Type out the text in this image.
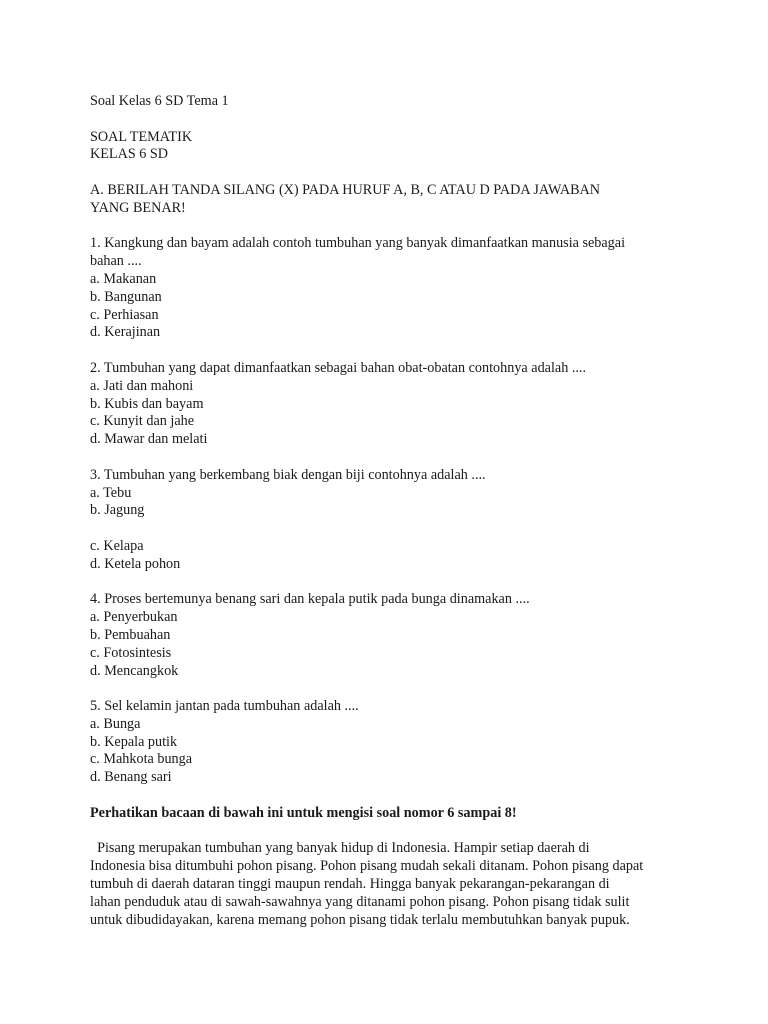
Soal Kelas 6 SD Tema 1
SOAL TEMATIK
KELAS 6 SD
A. BERILAH TANDA SILANG (X) PADA HURUF A, B, C ATAU D PADA JAWABAN
YANG BENAR!
1. Kangkung dan bayam adalah contoh tumbuhan yang banyak dimanfaatkan manusia sebagai
bahan ....
a. Makanan
b. Bangunan
c. Perhiasan
d. Kerajinan
2. Tumbuhan yang dapat dimanfaatkan sebagai bahan obat-obatan contohnya adalah ....
a. Jati dan mahoni
b. Kubis dan bayam
c. Kunyit dan jahe
d. Mawar dan melati
3. Tumbuhan yang berkembang biak dengan biji contohnya adalah ....
a. Tebu
b. Jagung
c. Kelapa
d. Ketela pohon
4. Proses bertemunya benang sari dan kepala putik pada bunga dinamakan ....
a. Penyerbukan
b. Pembuahan
c. Fotosintesis
d. Mencangkok
5. Sel kelamin jantan pada tumbuhan adalah ....
a. Bunga
b. Kepala putik
c. Mahkota bunga
d. Benang sari
Perhatikan bacaan di bawah ini untuk mengisi soal nomor 6 sampai 8!
Pisang merupakan tumbuhan yang banyak hidup di Indonesia. Hampir setiap daerah di
Indonesia bisa ditumbuhi pohon pisang. Pohon pisang mudah sekali ditanam. Pohon pisang dapat
tumbuh di daerah dataran tinggi maupun rendah. Hingga banyak pekarangan-pekarangan di
lahan penduduk atau di sawah-sawahnya yang ditanami pohon pisang. Pohon pisang tidak sulit
untuk dibudidayakan, karena memang pohon pisang tidak terlalu membutuhkan banyak pupuk.
